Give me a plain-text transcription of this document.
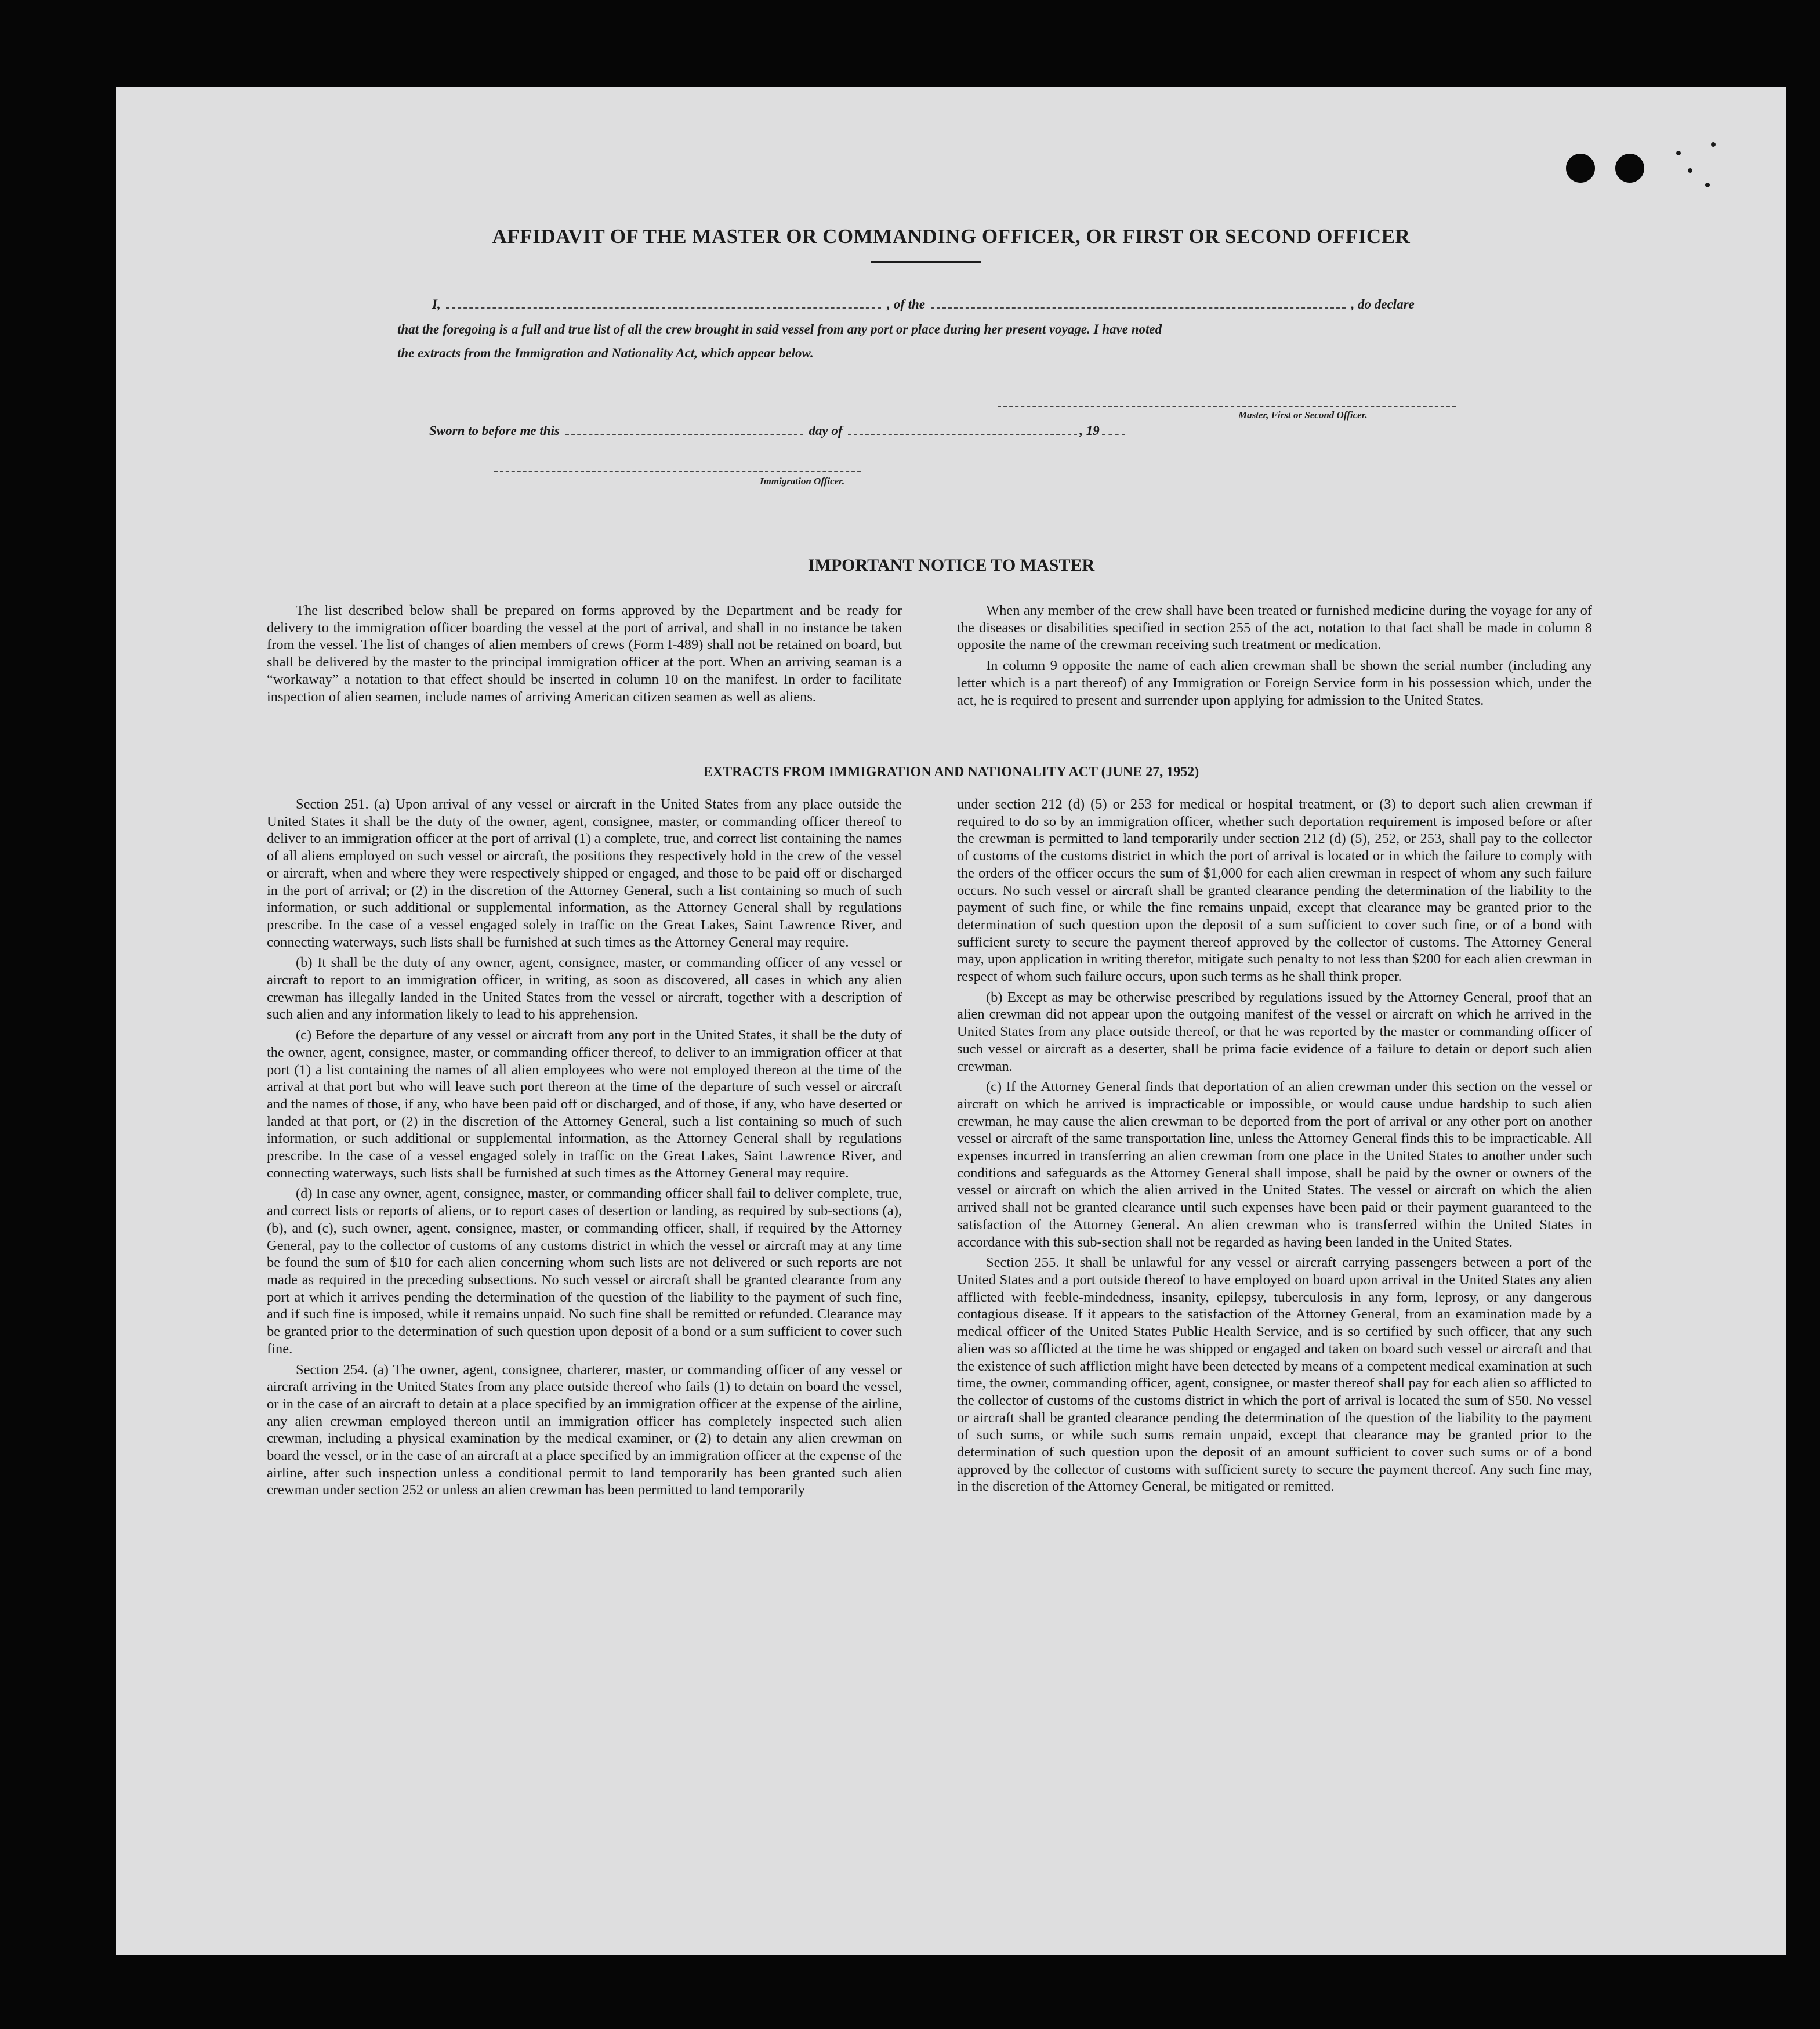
AFFIDAVIT OF THE MASTER OR COMMANDING OFFICER, OR FIRST OR SECOND OFFICER
I,	, of the	, do declare
that the foregoing is a full and true list of all the crew brought in said vessel from any port or place during her present voyage. I have noted
the extracts from the Immigration and Nationality Act, which appear below.
Master, First or Second Officer.
Sworn to before me this	day of	, 19
Immigration Officer.
IMPORTANT NOTICE TO MASTER

The list described below shall be prepared on forms approved by the Department and be ready for delivery to the immigration officer boarding the vessel at the port of arrival, and shall in no instance be taken from the vessel. The list of changes of alien members of crews (Form I-489) shall not be retained on board, but shall be delivered by the master to the principal immigration officer at the port. When an arriving seaman is a “workaway” a notation to that effect should be inserted in column 10 on the manifest. In order to facilitate inspection of alien seamen, include names of arriving American citizen seamen as well as aliens.

When any member of the crew shall have been treated or furnished medicine during the voyage for any of the diseases or disabilities specified in section 255 of the act, notation to that fact shall be made in column 8 opposite the name of the crewman receiving such treatment or medication.

In column 9 opposite the name of each alien crewman shall be shown the serial number (including any letter which is a part thereof) of any Immigration or Foreign Service form in his possession which, under the act, he is required to present and surrender upon applying for admission to the United States.

EXTRACTS FROM IMMIGRATION AND NATIONALITY ACT (JUNE 27, 1952)

Section 251. (a) Upon arrival of any vessel or aircraft in the United States from any place outside the United States it shall be the duty of the owner, agent, consignee, master, or commanding officer thereof to deliver to an immigration officer at the port of arrival (1) a complete, true, and correct list containing the names of all aliens employed on such vessel or aircraft, the positions they respectively hold in the crew of the vessel or aircraft, when and where they were respectively shipped or engaged, and those to be paid off or discharged in the port of arrival; or (2) in the discretion of the Attorney General, such a list containing so much of such information, or such additional or supplemental information, as the Attorney General shall by regulations prescribe. In the case of a vessel engaged solely in traffic on the Great Lakes, Saint Lawrence River, and connecting waterways, such lists shall be furnished at such times as the Attorney General may require.

(b) It shall be the duty of any owner, agent, consignee, master, or commanding officer of any vessel or aircraft to report to an immigration officer, in writing, as soon as discovered, all cases in which any alien crewman has illegally landed in the United States from the vessel or aircraft, together with a description of such alien and any information likely to lead to his apprehension.

(c) Before the departure of any vessel or aircraft from any port in the United States, it shall be the duty of the owner, agent, consignee, master, or commanding officer thereof, to deliver to an immigration officer at that port (1) a list containing the names of all alien employees who were not employed thereon at the time of the arrival at that port but who will leave such port thereon at the time of the departure of such vessel or aircraft and the names of those, if any, who have been paid off or discharged, and of those, if any, who have deserted or landed at that port, or (2) in the discretion of the Attorney General, such a list containing so much of such information, or such additional or supplemental information, as the Attorney General shall by regulations prescribe. In the case of a vessel engaged solely in traffic on the Great Lakes, Saint Lawrence River, and connecting waterways, such lists shall be furnished at such times as the Attorney General may require.

(d) In case any owner, agent, consignee, master, or commanding officer shall fail to deliver complete, true, and correct lists or reports of aliens, or to report cases of desertion or landing, as required by sub-sections (a), (b), and (c), such owner, agent, consignee, master, or commanding officer, shall, if required by the Attorney General, pay to the collector of customs of any customs district in which the vessel or aircraft may at any time be found the sum of $10 for each alien concerning whom such lists are not delivered or such reports are not made as required in the preceding subsections. No such vessel or aircraft shall be granted clearance from any port at which it arrives pending the determination of the question of the liability to the payment of such fine, and if such fine is imposed, while it remains unpaid. No such fine shall be remitted or refunded. Clearance may be granted prior to the determination of such question upon deposit of a bond or a sum sufficient to cover such fine.

Section 254. (a) The owner, agent, consignee, charterer, master, or commanding officer of any vessel or aircraft arriving in the United States from any place outside thereof who fails (1) to detain on board the vessel, or in the case of an aircraft to detain at a place specified by an immigration officer at the expense of the airline, any alien crewman employed thereon until an immigration officer has completely inspected such alien crewman, including a physical examination by the medical examiner, or (2) to detain any alien crewman on board the vessel, or in the case of an aircraft at a place specified by an immigration officer at the expense of the airline, after such inspection unless a conditional permit to land temporarily has been granted such alien crewman under section 252 or unless an alien crewman has been permitted to land temporarily

under section 212 (d) (5) or 253 for medical or hospital treatment, or (3) to deport such alien crewman if required to do so by an immigration officer, whether such deportation requirement is imposed before or after the crewman is permitted to land temporarily under section 212 (d) (5), 252, or 253, shall pay to the collector of customs of the customs district in which the port of arrival is located or in which the failure to comply with the orders of the officer occurs the sum of $1,000 for each alien crewman in respect of whom any such failure occurs. No such vessel or aircraft shall be granted clearance pending the determination of the liability to the payment of such fine, or while the fine remains unpaid, except that clearance may be granted prior to the determination of such question upon the deposit of a sum sufficient to cover such fine, or of a bond with sufficient surety to secure the payment thereof approved by the collector of customs. The Attorney General may, upon application in writing therefor, mitigate such penalty to not less than $200 for each alien crewman in respect of whom such failure occurs, upon such terms as he shall think proper.

(b) Except as may be otherwise prescribed by regulations issued by the Attorney General, proof that an alien crewman did not appear upon the outgoing manifest of the vessel or aircraft on which he arrived in the United States from any place outside thereof, or that he was reported by the master or commanding officer of such vessel or aircraft as a deserter, shall be prima facie evidence of a failure to detain or deport such alien crewman.

(c) If the Attorney General finds that deportation of an alien crewman under this section on the vessel or aircraft on which he arrived is impracticable or impossible, or would cause undue hardship to such alien crewman, he may cause the alien crewman to be deported from the port of arrival or any other port on another vessel or aircraft of the same transportation line, unless the Attorney General finds this to be impracticable. All expenses incurred in transferring an alien crewman from one place in the United States to another under such conditions and safeguards as the Attorney General shall impose, shall be paid by the owner or owners of the vessel or aircraft on which the alien arrived in the United States. The vessel or aircraft on which the alien arrived shall not be granted clearance until such expenses have been paid or their payment guaranteed to the satisfaction of the Attorney General. An alien crewman who is transferred within the United States in accordance with this sub-section shall not be regarded as having been landed in the United States.

Section 255. It shall be unlawful for any vessel or aircraft carrying passengers between a port of the United States and a port outside thereof to have employed on board upon arrival in the United States any alien afflicted with feeble-mindedness, insanity, epilepsy, tuberculosis in any form, leprosy, or any dangerous contagious disease. If it appears to the satisfaction of the Attorney General, from an examination made by a medical officer of the United States Public Health Service, and is so certified by such officer, that any such alien was so afflicted at the time he was shipped or engaged and taken on board such vessel or aircraft and that the existence of such affliction might have been detected by means of a competent medical examination at such time, the owner, commanding officer, agent, consignee, or master thereof shall pay for each alien so afflicted to the collector of customs of the customs district in which the port of arrival is located the sum of $50. No vessel or aircraft shall be granted clearance pending the determination of the question of the liability to the payment of such sums, or while such sums remain unpaid, except that clearance may be granted prior to the determination of such question upon the deposit of an amount sufficient to cover such sums or of a bond approved by the collector of customs with sufficient surety to secure the payment thereof. Any such fine may, in the discretion of the Attorney General, be mitigated or remitted.
